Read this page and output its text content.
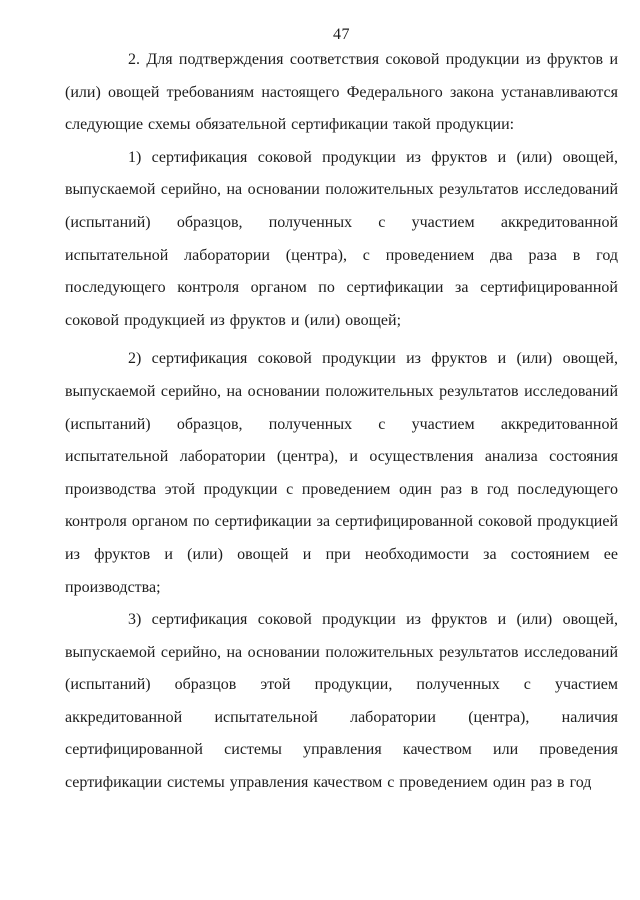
47

2. Для подтверждения соответствия соковой продукции из фруктов и (или) овощей требованиям настоящего Федерального закона устанавливаются следующие схемы обязательной сертификации такой продукции:

1) сертификация соковой продукции из фруктов и (или) овощей, выпускаемой серийно, на основании положительных результатов исследований (испытаний) образцов, полученных с участием аккредитованной испытательной лаборатории (центра), с проведением два раза в год последующего контроля органом по сертификации за сертифицированной соковой продукцией из фруктов и (или) овощей;

2) сертификация соковой продукции из фруктов и (или) овощей, выпускаемой серийно, на основании положительных результатов исследований (испытаний) образцов, полученных с участием аккредитованной испытательной лаборатории (центра), и осуществления анализа состояния производства этой продукции с проведением один раз в год последующего контроля органом по сертификации за сертифицированной соковой продукцией из фруктов и (или) овощей и при необходимости за состоянием ее производства;

3) сертификация соковой продукции из фруктов и (или) овощей, выпускаемой серийно, на основании положительных результатов исследований (испытаний) образцов этой продукции, полученных с участием аккредитованной испытательной лаборатории (центра), наличия сертифицированной системы управления качеством или проведения сертификации системы управления качеством с проведением один раз в год
